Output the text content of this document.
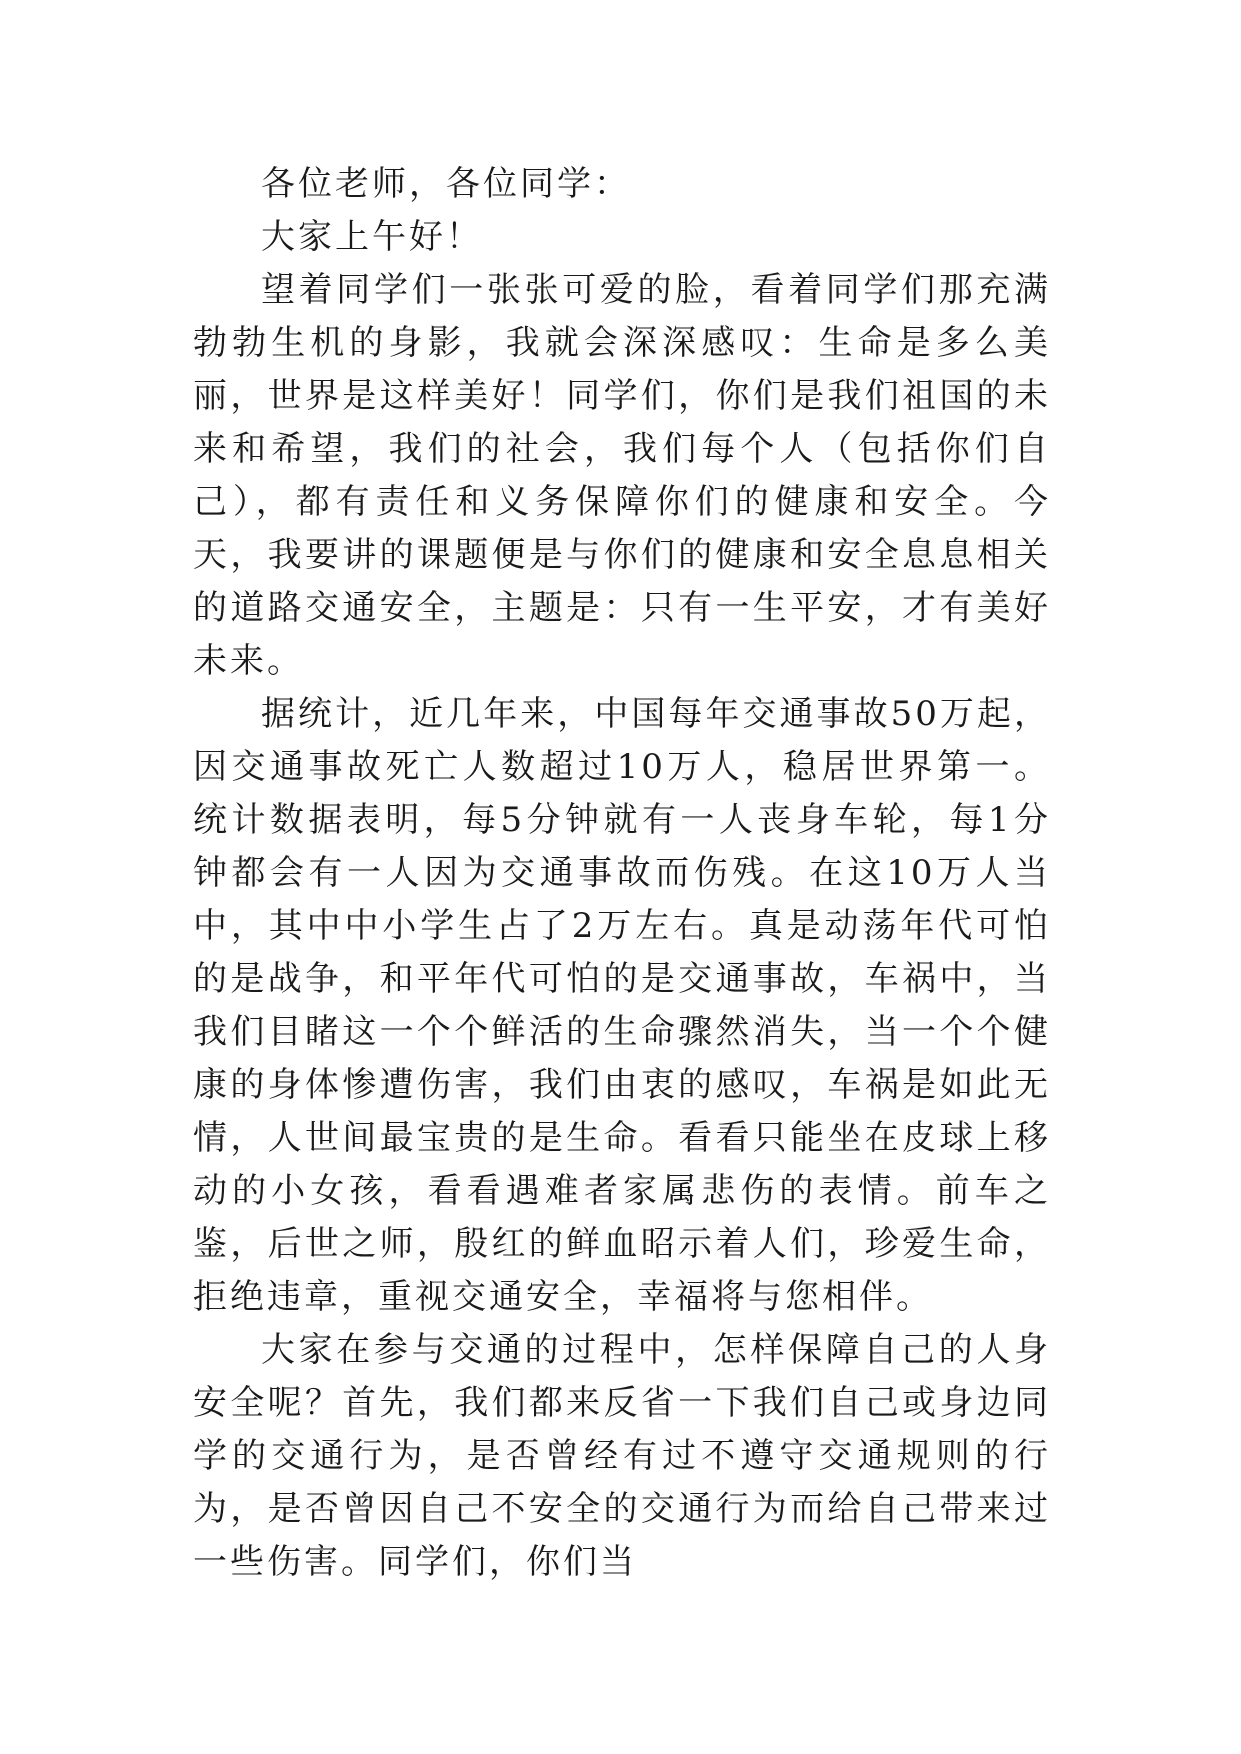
各位老师，各位同学：

大家上午好！

望着同学们一张张可爱的脸，看着同学们那充满勃勃生机的身影，我就会深深感叹：生命是多么美丽，世界是这样美好！同学们，你们是我们祖国的未来和希望，我们的社会，我们每个人（包括你们自己），都有责任和义务保障你们的健康和安全。今天，我要讲的课题便是与你们的健康和安全息息相关的道路交通安全，主题是：只有一生平安，才有美好未来。

据统计，近几年来，中国每年交通事故50万起，因交通事故死亡人数超过10万人，稳居世界第一。统计数据表明，每5分钟就有一人丧身车轮，每1分钟都会有一人因为交通事故而伤残。在这10万人当中，其中中小学生占了2万左右。真是动荡年代可怕的是战争，和平年代可怕的是交通事故，车祸中，当我们目睹这一个个鲜活的生命骤然消失，当一个个健康的身体惨遭伤害，我们由衷的感叹，车祸是如此无情，人世间最宝贵的是生命。看看只能坐在皮球上移动的小女孩，看看遇难者家属悲伤的表情。前车之鉴，后世之师，殷红的鲜血昭示着人们，珍爱生命，拒绝违章，重视交通安全，幸福将与您相伴。

大家在参与交通的过程中，怎样保障自己的人身安全呢？首先，我们都来反省一下我们自己或身边同学的交通行为，是否曾经有过不遵守交通规则的行为，是否曾因自己不安全的交通行为而给自己带来过一些伤害。同学们，你们当
